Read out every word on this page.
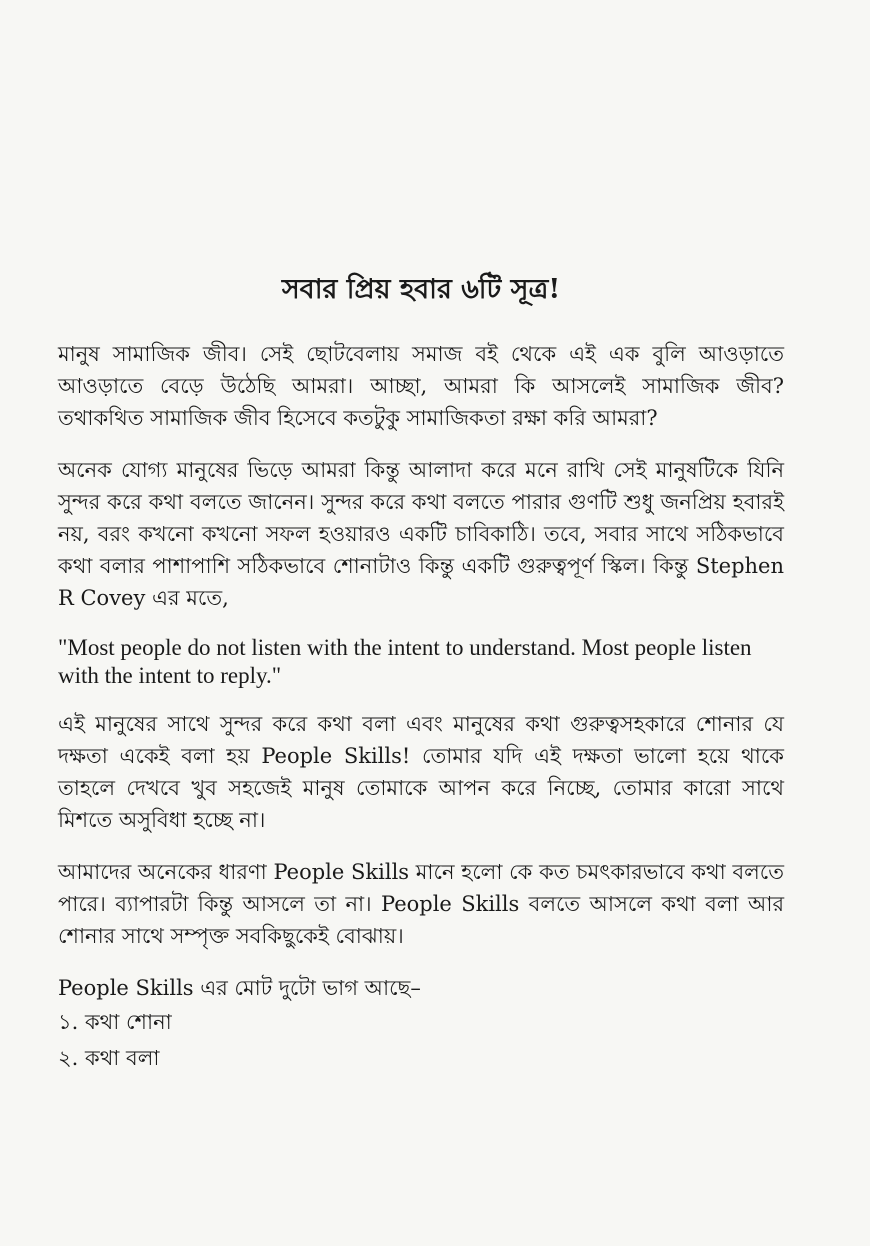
সবার প্রিয় হবার ৬টি সূত্র!

মানুষ সামাজিক জীব। সেই ছোটবেলায় সমাজ বই থেকে এই এক বুলি আওড়াতে আওড়াতে বেড়ে উঠেছি আমরা। আচ্ছা, আমরা কি আসলেই সামাজিক জীব? তথাকথিত সামাজিক জীব হিসেবে কতটুকু সামাজিকতা রক্ষা করি আমরা?

অনেক যোগ্য মানুষের ভিড়ে আমরা কিন্তু আলাদা করে মনে রাখি সেই মানুষটিকে যিনি সুন্দর করে কথা বলতে জানেন। সুন্দর করে কথা বলতে পারার গুণটি শুধু জনপ্রিয় হবারই নয়, বরং কখনো কখনো সফল হওয়ারও একটি চাবিকাঠি। তবে, সবার সাথে সঠিকভাবে কথা বলার পাশাপাশি সঠিকভাবে শোনাটাও কিন্তু একটি গুরুত্বপূর্ণ স্কিল। কিন্তু Stephen R Covey এর মতে,

"Most people do not listen with the intent to understand. Most people listen with the intent to reply."

এই মানুষের সাথে সুন্দর করে কথা বলা এবং মানুষের কথা গুরুত্বসহকারে শোনার যে দক্ষতা একেই বলা হয় People Skills! তোমার যদি এই দক্ষতা ভালো হয়ে থাকে তাহলে দেখবে খুব সহজেই মানুষ তোমাকে আপন করে নিচ্ছে, তোমার কারো সাথে মিশতে অসুবিধা হচ্ছে না।

আমাদের অনেকের ধারণা People Skills মানে হলো কে কত চমৎকারভাবে কথা বলতে পারে। ব্যাপারটা কিন্তু আসলে তা না। People Skills বলতে আসলে কথা বলা আর শোনার সাথে সম্পৃক্ত সবকিছুকেই বোঝায়।

People Skills এর মোট দুটো ভাগ আছে–

১. কথা শোনা
২. কথা বলা
